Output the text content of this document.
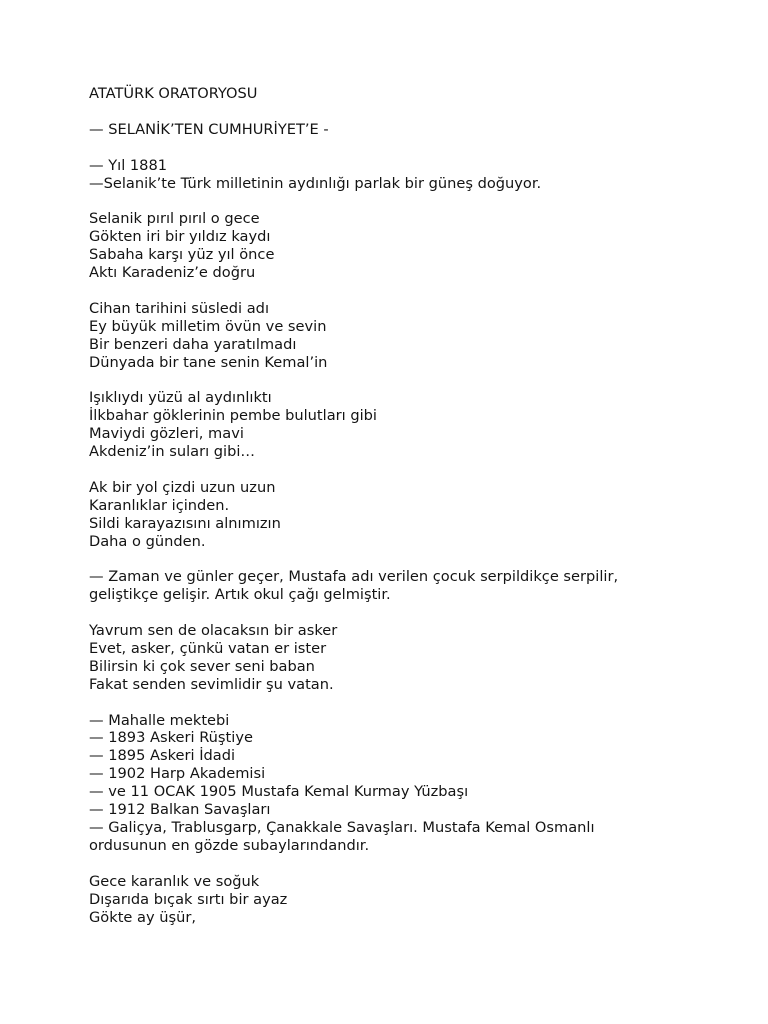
ATATÜRK ORATORYOSU
— SELANİK’TEN CUMHURİYET’E -
— Yıl 1881
—Selanik’te Türk milletinin aydınlığı parlak bir güneş doğuyor.
Selanik pırıl pırıl o gece
Gökten iri bir yıldız kaydı
Sabaha karşı yüz yıl önce
Aktı Karadeniz’e doğru
Cihan tarihini süsledi adı
Ey büyük milletim övün ve sevin
Bir benzeri daha yaratılmadı
Dünyada bir tane senin Kemal’in
Işıklıydı yüzü al aydınlıktı
İlkbahar göklerinin pembe bulutları gibi
Maviydi gözleri, mavi
Akdeniz’in suları gibi…
Ak bir yol çizdi uzun uzun
Karanlıklar içinden.
Sildi karayazısını alnımızın
Daha o günden.
— Zaman ve günler geçer, Mustafa adı verilen çocuk serpildikçe serpilir,
geliştikçe gelişir. Artık okul çağı gelmiştir.
Yavrum sen de olacaksın bir asker
Evet, asker, çünkü vatan er ister
Bilirsin ki çok sever seni baban
Fakat senden sevimlidir şu vatan.
— Mahalle mektebi
— 1893 Askeri Rüştiye
— 1895 Askeri İdadi
— 1902 Harp Akademisi
— ve 11 OCAK 1905 Mustafa Kemal Kurmay Yüzbaşı
— 1912 Balkan Savaşları
— Galiçya, Trablusgarp, Çanakkale Savaşları. Mustafa Kemal Osmanlı
ordusunun en gözde subaylarındandır.
Gece karanlık ve soğuk
Dışarıda bıçak sırtı bir ayaz
Gökte ay üşür,
